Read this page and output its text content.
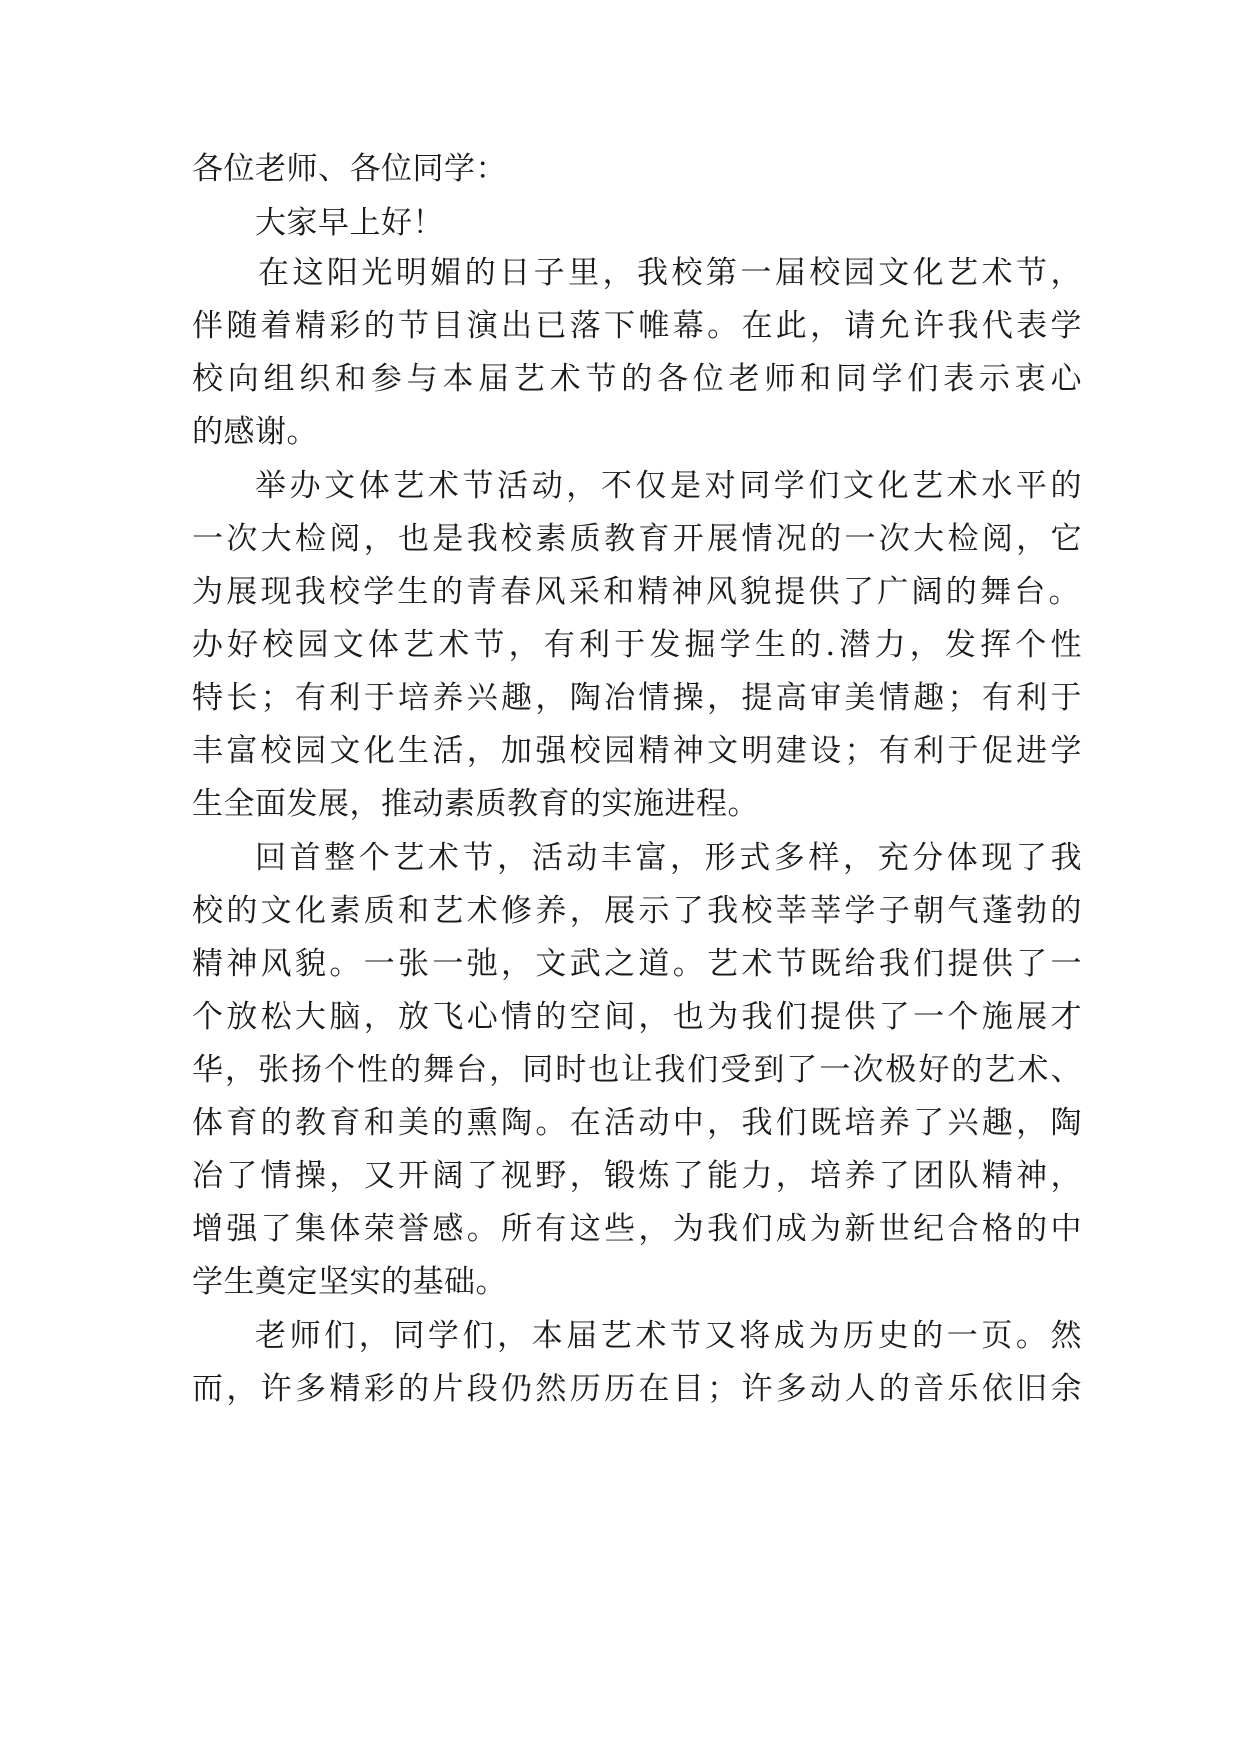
各位老师、各位同学：
大家早上好！
在这阳光明媚的日子里，我校第一届校园文化艺术节，
伴随着精彩的节目演出已落下帷幕。在此，请允许我代表学
校向组织和参与本届艺术节的各位老师和同学们表示衷心
的感谢。
举办文体艺术节活动，不仅是对同学们文化艺术水平的
一次大检阅，也是我校素质教育开展情况的一次大检阅，它
为展现我校学生的青春风采和精神风貌提供了广阔的舞台。
办好校园文体艺术节，有利于发掘学生的.潜力，发挥个性
特长；有利于培养兴趣，陶冶情操，提高审美情趣；有利于
丰富校园文化生活，加强校园精神文明建设；有利于促进学
生全面发展，推动素质教育的实施进程。
回首整个艺术节，活动丰富，形式多样，充分体现了我
校的文化素质和艺术修养，展示了我校莘莘学子朝气蓬勃的
精神风貌。一张一弛，文武之道。艺术节既给我们提供了一
个放松大脑，放飞心情的空间，也为我们提供了一个施展才
华，张扬个性的舞台，同时也让我们受到了一次极好的艺术、
体育的教育和美的熏陶。在活动中，我们既培养了兴趣，陶
冶了情操，又开阔了视野，锻炼了能力，培养了团队精神，
增强了集体荣誉感。所有这些，为我们成为新世纪合格的中
学生奠定坚实的基础。
老师们，同学们，本届艺术节又将成为历史的一页。然
而，许多精彩的片段仍然历历在目；许多动人的音乐依旧余
